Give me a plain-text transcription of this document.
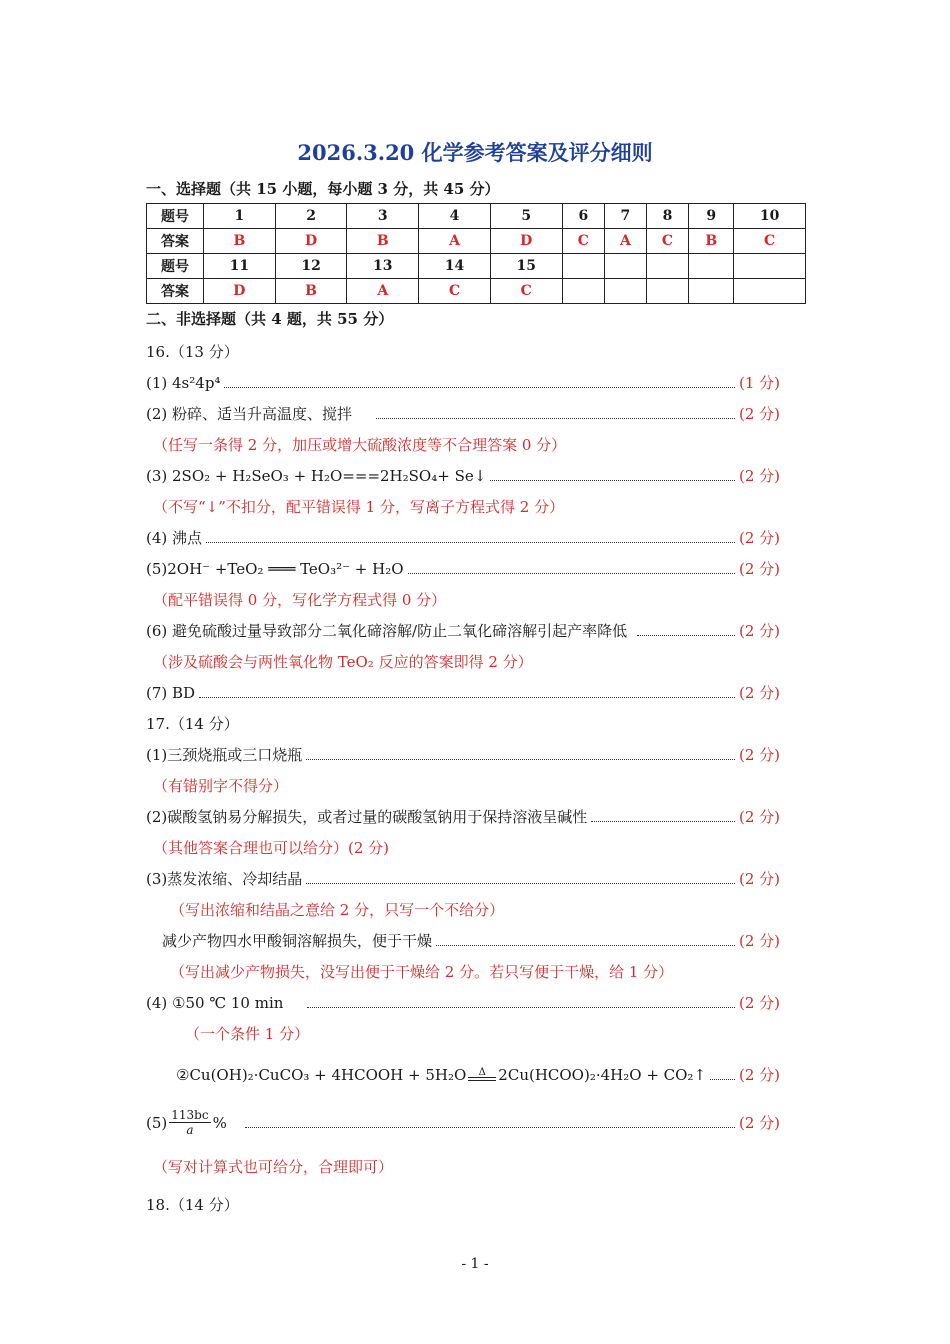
2026.3.20 化学参考答案及评分细则
一、选择题（共 15 小题，每小题 3 分，共 45 分）
题号	1	2	3	4	5	6	7	8	9	10
答案	B	D	B	A	D	C	A	C	B	C
题号	11	12	13	14	15					
答案	D	B	A	C	C					
二、非选择题（共 4 题，共 55 分）
16.（13 分）
(1) 4s²4p⁴	(1 分)
(2) 粉碎、适当升高温度、搅拌	(2 分)
（任写一条得 2 分，加压或增大硫酸浓度等不合理答案 0 分）
(3) 2SO₂ + H₂SeO₃ + H₂O===2H₂SO₄+ Se↓	(2 分)
（不写“↓”不扣分，配平错误得 1 分，写离子方程式得 2 分）
(4) 沸点	(2 分)
(5)2OH⁻ +TeO₂ ═══ TeO₃²⁻ + H₂O	(2 分)
（配平错误得 0 分，写化学方程式得 0 分）
(6) 避免硫酸过量导致部分二氧化碲溶解/防止二氧化碲溶解引起产率降低	(2 分)
（涉及硫酸会与两性氧化物 TeO₂ 反应的答案即得 2 分）
(7) BD	(2 分)
17.（14 分）
(1)三颈烧瓶或三口烧瓶	(2 分)
（有错别字不得分）
(2)碳酸氢钠易分解损失，或者过量的碳酸氢钠用于保持溶液呈碱性	(2 分)
（其他答案合理也可以给分）(2 分)
(3)蒸发浓缩、冷却结晶	(2 分)
（写出浓缩和结晶之意给 2 分，只写一个不给分）
减少产物四水甲酸铜溶解损失，便于干燥	(2 分)
（写出减少产物损失，没写出便于干燥给 2 分。若只写便于干燥，给 1 分）
(4) ①50 ℃ 10 min	(2 分)
（一个条件 1 分）
②Cu(OH)₂·CuCO₃ + 4HCOOH + 5H₂O Δ 2Cu(HCOO)₂·4H₂O + CO₂↑ (2 分)
$(5) \frac{113bc}{a}$ %	(2 分)
（写对计算式也可给分，合理即可）
18.（14 分）
- 1 -
